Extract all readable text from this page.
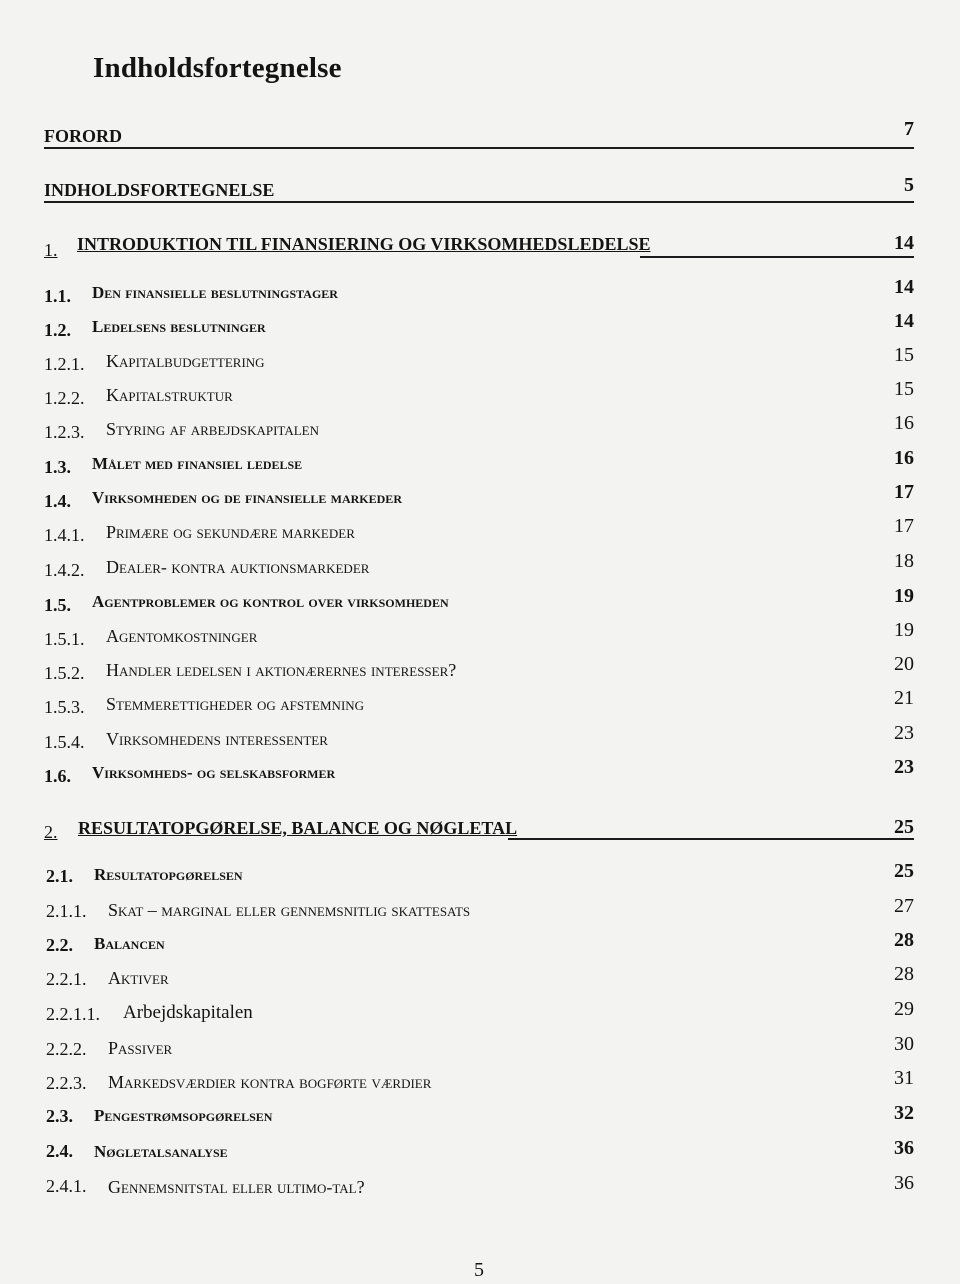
Indholdsfortegnelse
FORORD	7
INDHOLDSFORTEGNELSE	5
1. INTRODUKTION TIL FINANSIERING OG VIRKSOMHEDSLEDELSE	14
1.1. Den finansielle beslutningstager	14
1.2. Ledelsens beslutninger	14
1.2.1. Kapitalbudgettering	15
1.2.2. Kapitalstruktur	15
1.2.3. Styring af arbejdskapitalen	16
1.3. Målet med finansiel ledelse	16
1.4. Virksomheden og de finansielle markeder	17
1.4.1. Primære og sekundære markeder	17
1.4.2. Dealer- kontra auktionsmarkeder	18
1.5. Agentproblemer og kontrol over virksomheden	19
1.5.1. Agentomkostninger	19
1.5.2. Handler ledelsen i aktionærernes interesser?	20
1.5.3. Stemmerettigheder og afstemning	21
1.5.4. Virksomhedens interessenter	23
1.6. Virksomheds- og selskabsformer	23
2. RESULTATOPGØRELSE, BALANCE OG NØGLETAL	25
2.1. Resultatopgørelsen	25
2.1.1. Skat – marginal eller gennemsnitlig skattesats	27
2.2. Balancen	28
2.2.1. Aktiver	28
2.2.1.1. Arbejdskapitalen	29
2.2.2. Passiver	30
2.2.3. Markedsværdier kontra bogførte værdier	31
2.3. Pengestrømsopgørelsen	32
2.4. Nøgletalsanalyse	36
2.4.1. Gennemsnitstal eller ultimo-tal?	36
5
